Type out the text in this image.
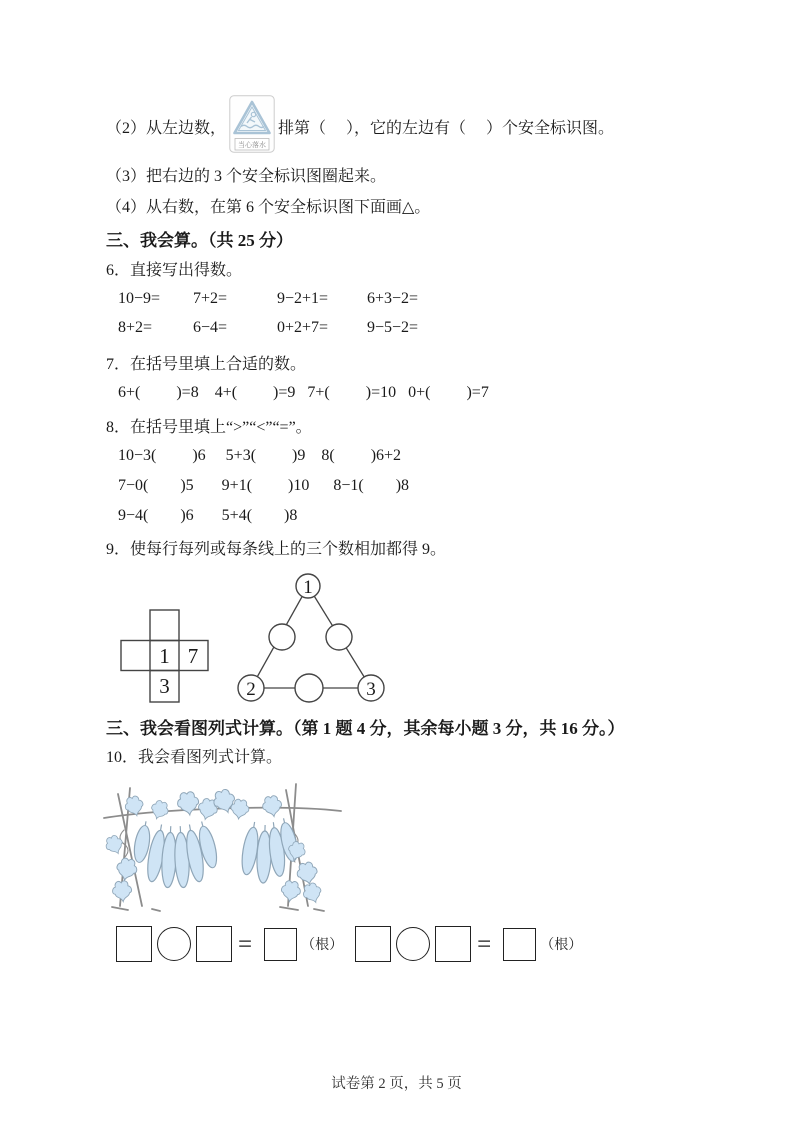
（2）从左边数，
当心落水
排第（　 ），它的左边有（　 ）个安全标识图。
（3）把右边的 3 个安全标识图圈起来。
（4）从右数，在第 6 个安全标识图下面画△。
三、我会算。（共 25 分）
6．直接写出得数。
10−9= 7+2=	9−2+1= 6+3−2=
8+2=	6−4=	0+2+7= 9−5−2=
7．在括号里填上合适的数。
6+(         )=8    4+(         )=9   7+(         )=10   0+(         )=7
8．在括号里填上“>”“<”“=”。
10−3(         )6     5+3(         )9    8(         )6+2
7−0(        )5       9+1(         )10      8−1(        )8
9−4(        )6       5+4(        )8
9．使每行每列或每条线上的三个数相加都得 9。
1 7
3
1
2	3
三、我会看图列式计算。（第 1 题 4 分，其余每小题 3 分，共 16 分。）
10．我会看图列式计算。
=	（根）	=	（根）
试卷第 2 页，共 5 页
